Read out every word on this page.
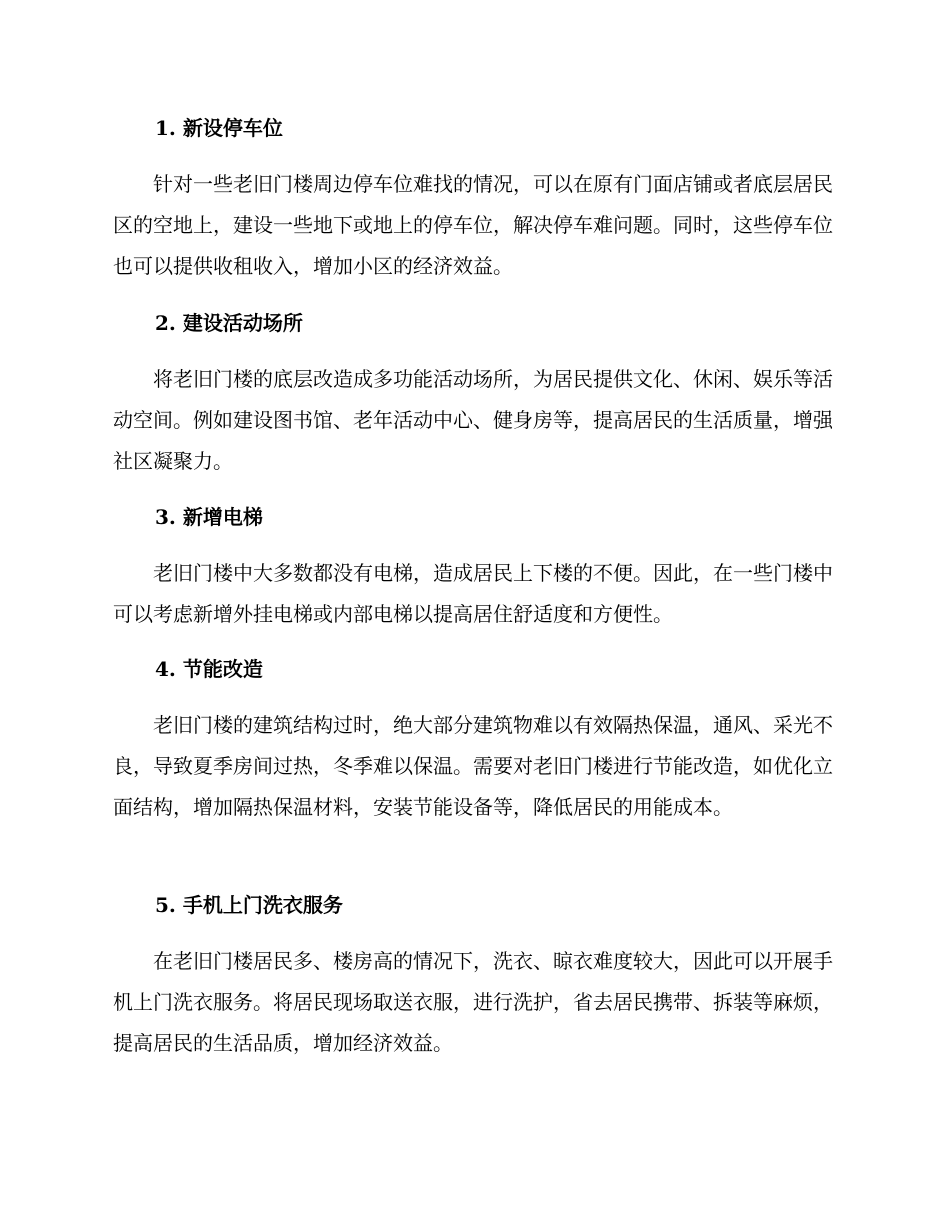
1. 新设停车位
针对一些老旧门楼周边停车位难找的情况，可以在原有门面店铺或者底层居民区的空地上，建设一些地下或地上的停车位，解决停车难问题。同时，这些停车位也可以提供收租收入，增加小区的经济效益。
2. 建设活动场所
将老旧门楼的底层改造成多功能活动场所，为居民提供文化、休闲、娱乐等活动空间。例如建设图书馆、老年活动中心、健身房等，提高居民的生活质量，增强社区凝聚力。
3. 新增电梯
老旧门楼中大多数都没有电梯，造成居民上下楼的不便。因此，在一些门楼中可以考虑新增外挂电梯或内部电梯以提高居住舒适度和方便性。
4. 节能改造
老旧门楼的建筑结构过时，绝大部分建筑物难以有效隔热保温，通风、采光不良，导致夏季房间过热，冬季难以保温。需要对老旧门楼进行节能改造，如优化立面结构，增加隔热保温材料，安装节能设备等，降低居民的用能成本。
5. 手机上门洗衣服务
在老旧门楼居民多、楼房高的情况下，洗衣、晾衣难度较大，因此可以开展手机上门洗衣服务。将居民现场取送衣服，进行洗护，省去居民携带、拆装等麻烦，提高居民的生活品质，增加经济效益。
